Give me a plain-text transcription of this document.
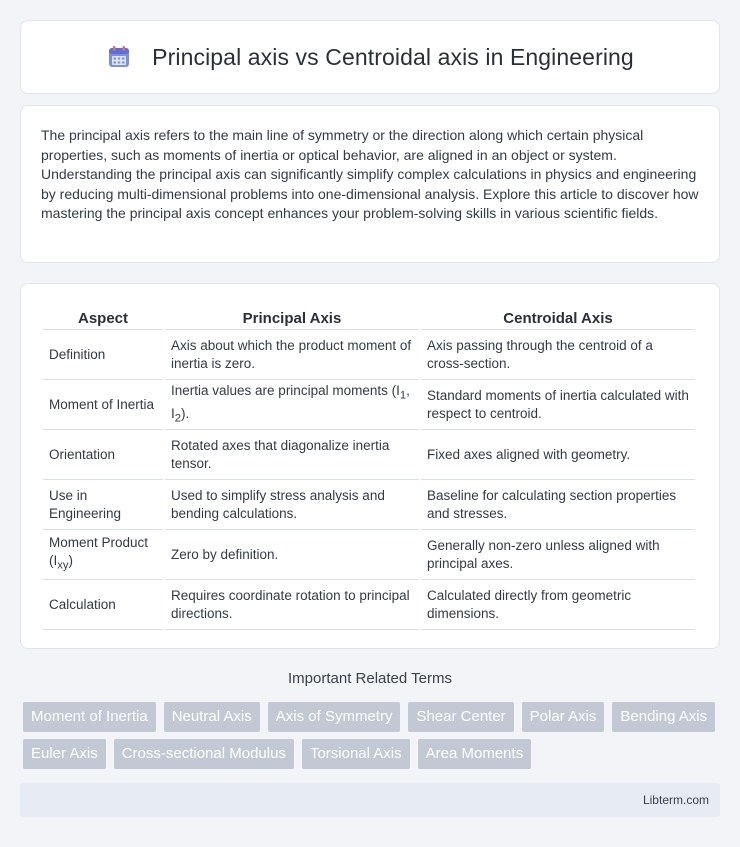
Principal axis vs Centroidal axis in Engineering

The principal axis refers to the main line of symmetry or the direction along which certain physical properties, such as moments of inertia or optical behavior, are aligned in an object or system. Understanding the principal axis can significantly simplify complex calculations in physics and engineering by reducing multi-dimensional problems into one-dimensional analysis. Explore this article to discover how mastering the principal axis concept enhances your problem-solving skills in various scientific fields.

Aspect	Principal Axis	Centroidal Axis
Definition	Axis about which the product moment of inertia is zero.	Axis passing through the centroid of a cross-section.
Moment of Inertia	Inertia values are principal moments ($I_1$, $I_2$).	Standard moments of inertia calculated with respect to centroid.
Orientation	Rotated axes that diagonalize inertia tensor.	Fixed axes aligned with geometry.
Use in Engineering	Used to simplify stress analysis and bending calculations.	Baseline for calculating section properties and stresses.
Moment Product $(I_{xy})$	Zero by definition.	Generally non-zero unless aligned with principal axes.
Calculation	Requires coordinate rotation to principal directions.	Calculated directly from geometric dimensions.
Important Related Terms
Moment of Inertia	Neutral Axis	Axis of Symmetry	Shear Center	Polar Axis	Bending Axis
Euler Axis	Cross-sectional Modulus	Torsional Axis	Area Moments
Libterm.com
